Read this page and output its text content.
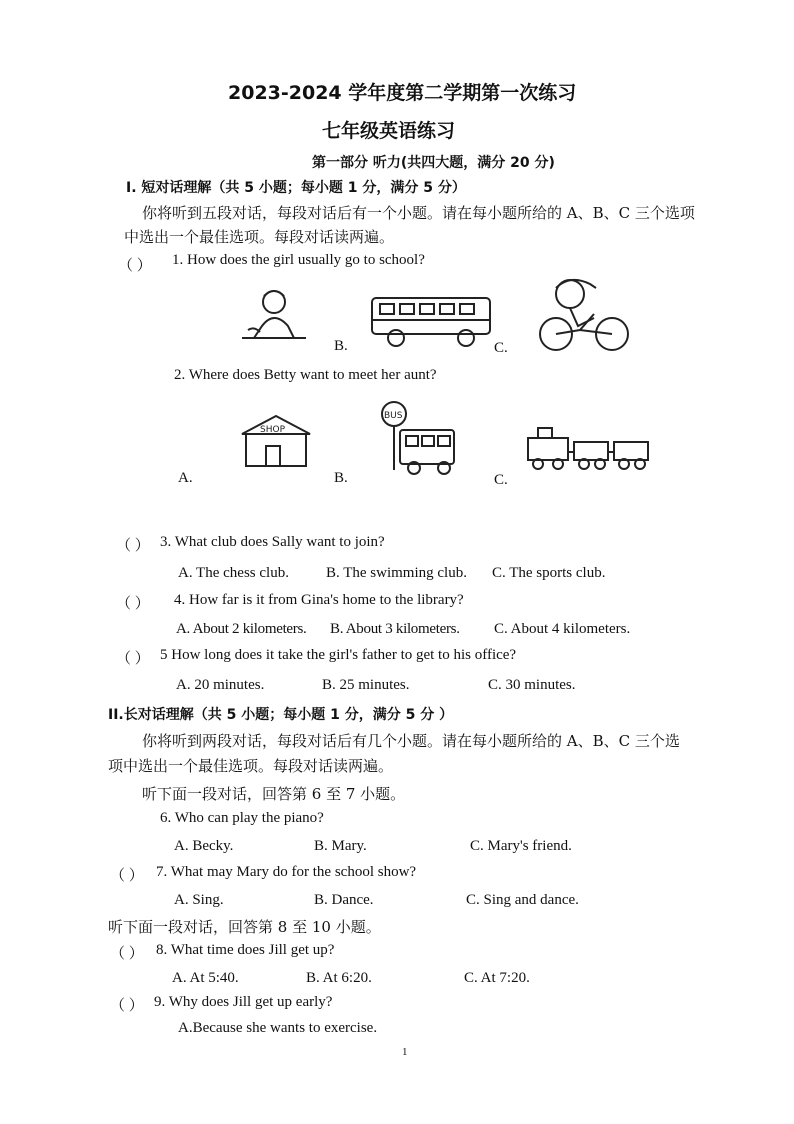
2023-2024 学年度第二学期第一次练习
七年级英语练习
第一部分 听力(共四大题，满分 20 分)
I. 短对话理解（共 5 小题；每小题 1 分，满分 5 分）
你将听到五段对话，每段对话后有一个小题。请在每小题所给的 A、B、C 三个选项
中选出一个最佳选项。每段对话读两遍。
（ ） 1. How does the girl usually go to school?
B.	C.
2. Where does Betty want to meet her aunt?
A.
SHOP
B.
BUS
C.
（ ） 3. What club does Sally want to join?
A. The chess club. B. The swimming club. C. The sports club.
（ ） 4. How far is it from Gina's home to the library?
A. About 2 kilometers. B. About 3 kilometers. C. About 4 kilometers.
（ ） 5 How long does it take the girl's father to get to his office?
A. 20 minutes.	B. 25 minutes.	C. 30 minutes.
II.长对话理解（共 5 小题；每小题 1 分，满分 5 分 ）
你将听到两段对话，每段对话后有几个小题。请在每小题所给的 A、B、C 三个选
项中选出一个最佳选项。每段对话读两遍。
听下面一段对话，回答第 6 至 7 小题。
6. Who can play the piano?
A. Becky.	B. Mary.	C. Mary's friend.
（ ） 7. What may Mary do for the school show?
A. Sing.	B. Dance.	C. Sing and dance.
听下面一段对话，回答第 8 至 10 小题。
（ ） 8. What time does Jill get up?
A. At 5:40.	B. At 6:20.	C. At 7:20.
（ ） 9. Why does Jill get up early?
A.Because she wants to exercise.
1
